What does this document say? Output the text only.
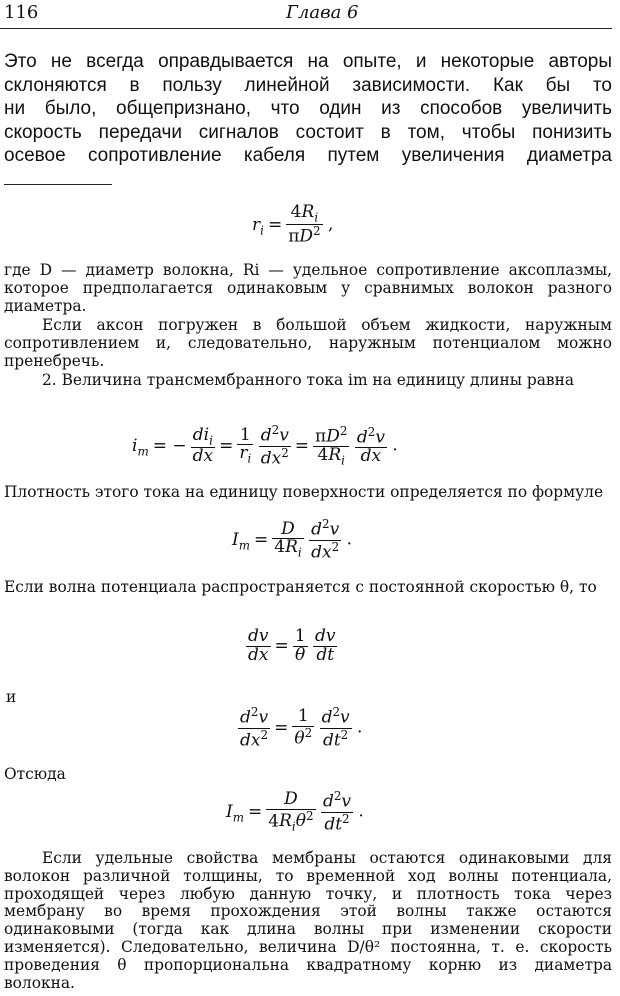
116	Глава 6
Это не всегда оправдывается на опыте, и некоторые авторы
склоняются в пользу линейной зависимости. Как бы то
ни было, общепризнано, что один из способов увеличить
скорость передачи сигналов состоит в том, чтобы понизить
осевое сопротивление кабеля путем увеличения диаметра
$r_i = \frac{4R_i}{\pi D^2}$ ,
где D — диаметр волокна, Ri — удельное сопротивление аксоплазмы, которое предполагается одинаковым у сравнимых волокон разного диаметра.
Если аксон погружен в большой объем жидкости, наружным сопротивлением и, следовательно, наружным потенциалом можно пренебречь.
2. Величина трансмембранного тока im на единицу длины равна
$i_m$ = −
$di_i$
dx
= $\frac{1}{r_i}$
$\frac{d^2v}{dx^2} = \frac{\pi D^2}{4R_i}$
$\frac{d^2v}{dx}$ .
Плотность этого тока на единицу поверхности определяется по формуле
$I_m = \frac{D}{4R_i}$
$\frac{d^2v}{dx^2}$ .
Если волна потенциала распространяется с постоянной скоростью θ, то
$\frac{dv}{dx} = \frac{1}{\theta}$
$\frac{dv}{dt}$
и
$\frac{d^2v}{dx^2} = \frac{1}{\theta^2}$
$\frac{d^2v}{dt^2}$ .
Отсюда
$I_m$ =
D
$4R_i\theta^2$
$\frac{d^2v}{dt^2}$ .
Если удельные свойства мембраны остаются одинаковыми для волокон различной толщины, то временной ход волны потенциала, проходящей через любую данную точку, и плотность тока через мембрану во время прохождения этой волны также остаются одинаковыми (тогда как длина волны при изменении скорости изменяется). Следовательно, величина D/θ² постоянна, т. е. скорость проведения θ пропорциональна квадратному корню из диаметра волокна.
